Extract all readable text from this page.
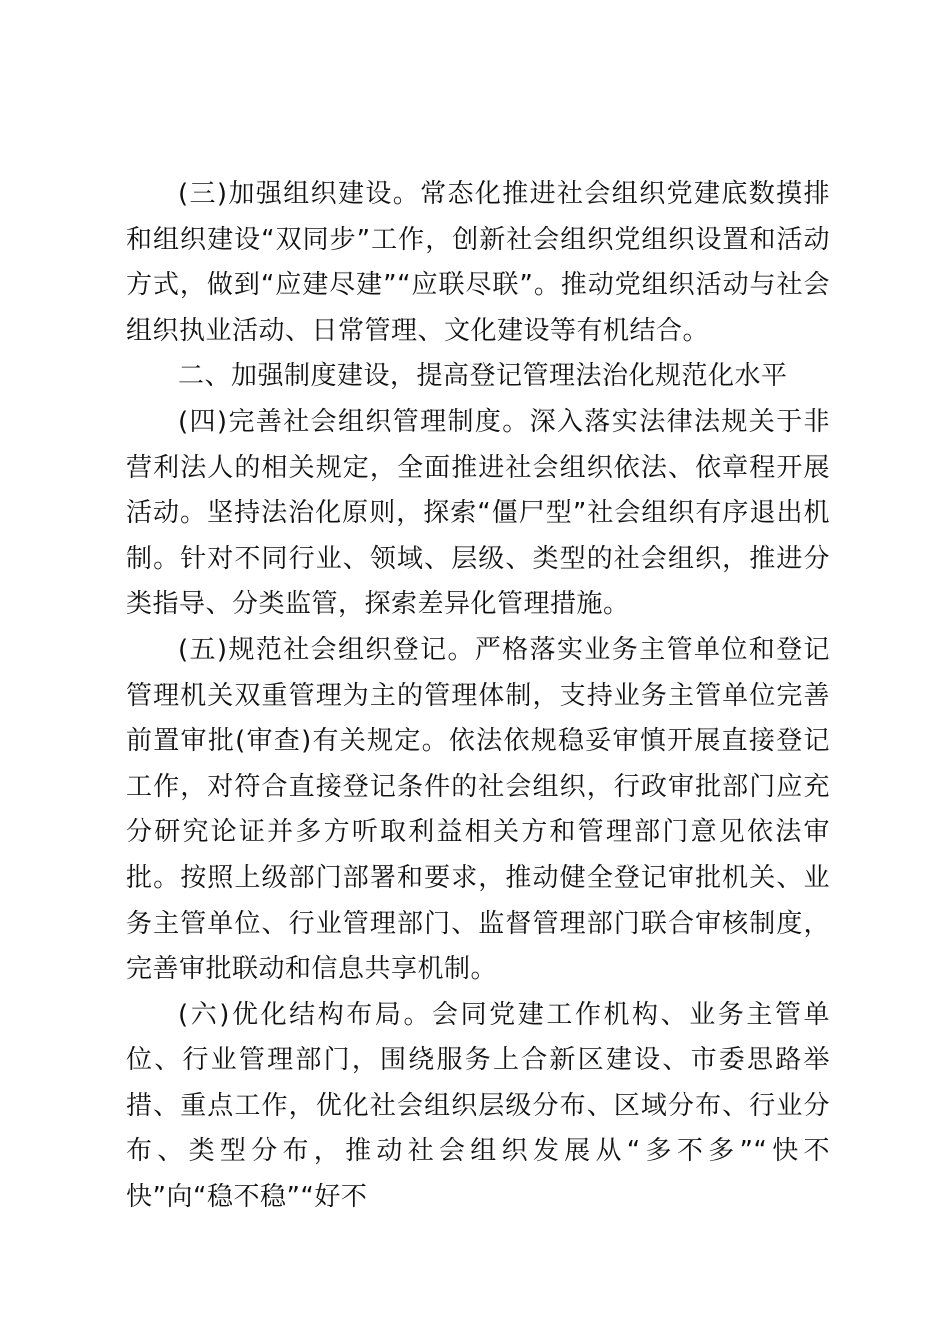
(三)加强组织建设。常态化推进社会组织党建底数摸排和组织建设“双同步”工作，创新社会组织党组织设置和活动方式，做到“应建尽建”“应联尽联”。推动党组织活动与社会组织执业活动、日常管理、文化建设等有机结合。

二、加强制度建设，提高登记管理法治化规范化水平

(四)完善社会组织管理制度。深入落实法律法规关于非营利法人的相关规定，全面推进社会组织依法、依章程开展活动。坚持法治化原则，探索“僵尸型”社会组织有序退出机制。针对不同行业、领域、层级、类型的社会组织，推进分类指导、分类监管，探索差异化管理措施。

(五)规范社会组织登记。严格落实业务主管单位和登记管理机关双重管理为主的管理体制，支持业务主管单位完善前置审批(审查)有关规定。依法依规稳妥审慎开展直接登记工作，对符合直接登记条件的社会组织，行政审批部门应充分研究论证并多方听取利益相关方和管理部门意见依法审批。按照上级部门部署和要求，推动健全登记审批机关、业务主管单位、行业管理部门、监督管理部门联合审核制度，完善审批联动和信息共享机制。

(六)优化结构布局。会同党建工作机构、业务主管单位、行业管理部门，围绕服务上合新区建设、市委思路举措、重点工作，优化社会组织层级分布、区域分布、行业分布、类型分布，推动社会组织发展从“多不多”“快不快”向“稳不稳”“好不
